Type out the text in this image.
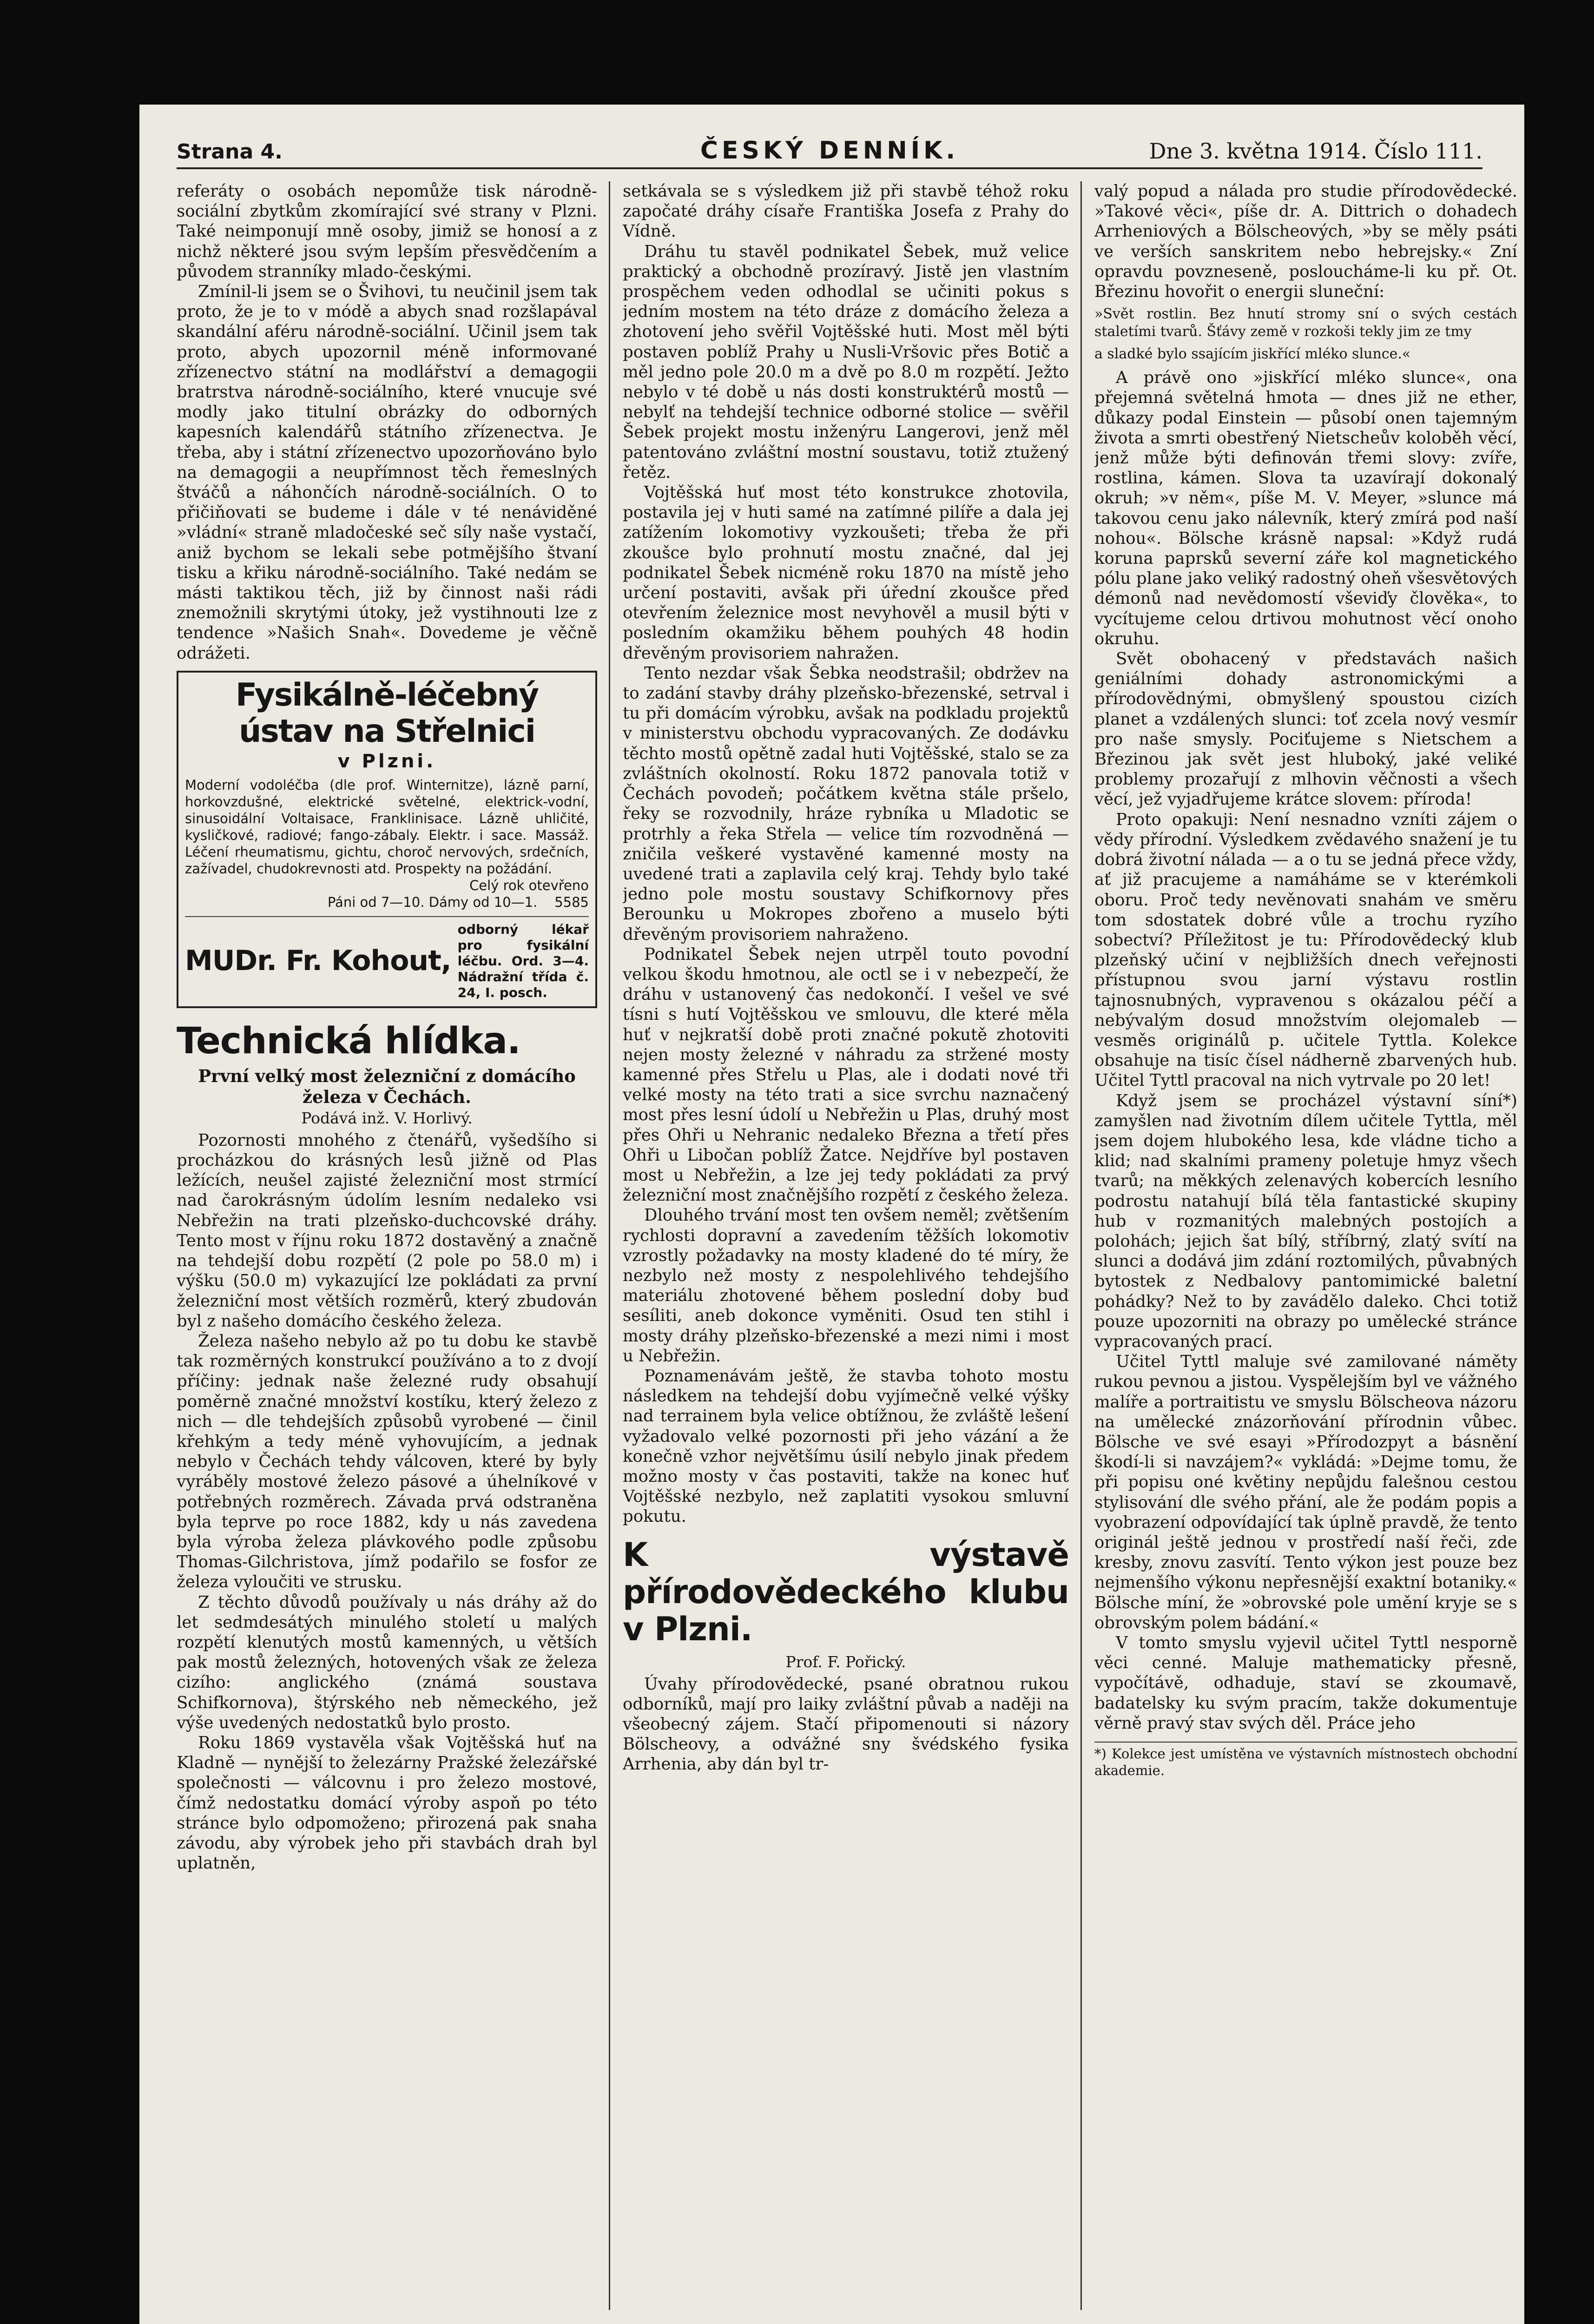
Strana 4.	ČESKÝ DENNÍK.	Dne 3. května 1914. Číslo 111.

referáty o osobách nepomůže tisk národně-sociální zbytkům zkomírající své strany v Plzni. Také neimponují mně osoby, jimiž se honosí a z nichž některé jsou svým lepším přesvědčením a původem stranníky mlado-českými.

Zmínil-li jsem se o Švihovi, tu neučinil jsem tak proto, že je to v módě a abych snad rozšlapával skandální aféru národně-sociální. Učinil jsem tak proto, abych upozornil méně informované zřízenectvo státní na modlářství a demagogii bratrstva národně-sociálního, které vnucuje své modly jako titulní obrázky do odborných kapesních kalendářů státního zřízenectva. Je třeba, aby i státní zřízenectvo upozorňováno bylo na demagogii a neupřímnost těch řemeslných štváčů a náhončích národně-sociálních. O to přičiňovati se budeme i dále v té nenáviděné »vládní« straně mladočeské seč síly naše vystačí, aniž bychom se lekali sebe potmějšího štvaní tisku a křiku národně-sociálního. Také nedám se másti taktikou těch, již by činnost naši rádi znemožnili skrytými útoky, jež vystihnouti lze z tendence »Našich Snah«. Dovedeme je věčně odrážeti.

Fysikálně-léčebný ústav na Střelnici
v Plzni.
Moderní vodoléčba (dle prof. Winternitze), lázně parní, horkovzdušné, elektrické světelné, elektrick-vodní, sinusoidální Voltaisace, Franklinisace. Lázně uhličité, kysličkové, radiové; fango-zábaly. Elektr. i sace. Massáž. Léčení rheumatismu, gichtu, choroč nervových, srdečních, zažívadel, chudokrevnosti atd. Prospekty na požádání.
Celý rok otevřeno
Páni od 7—10. Dámy od 10—1. 5585
MUDr. Fr. Kohout,
odborný lékař pro fysikální léčbu. Ord. 3—4. Nádražní třída č. 24, I. posch.
Technická hlídka.
První velký most železniční z domácího železa v Čechách.
Podává inž. V. Horlivý.

Pozornosti mnohého z čtenářů, vyšedšího si procházkou do krásných lesů jižně od Plas ležících, neušel zajisté železniční most strmící nad čarokrásným údolím lesním nedaleko vsi Nebřežin na trati plzeňsko-duchcovské dráhy. Tento most v říjnu roku 1872 dostavěný a značně na tehdejší dobu rozpětí (2 pole po 58.0 m) i výšku (50.0 m) vykazující lze pokládati za první železniční most větších rozměrů, který zbudován byl z našeho domácího českého železa.

Železa našeho nebylo až po tu dobu ke stavbě tak rozměrných konstrukcí používáno a to z dvojí příčiny: jednak naše železné rudy obsahují poměrně značné množství kostíku, který železo z nich — dle tehdejších způsobů vyrobené — činil křehkým a tedy méně vyhovujícím, a jednak nebylo v Čechách tehdy válcoven, které by byly vyráběly mostové železo pásové a úhelníkové v potřebných rozměrech. Závada prvá odstraněna byla teprve po roce 1882, kdy u nás zavedena byla výroba železa plávkového podle způsobu Thomas-Gilchristova, jímž podařilo se fosfor ze železa vyloučiti ve strusku.

Z těchto důvodů používaly u nás dráhy až do let sedmdesátých minulého století u malých rozpětí klenutých mostů kamenných, u větších pak mostů železných, hotovených však ze železa cizího: anglického (známá soustava Schifkornova), štýrského neb německého, jež výše uvedených nedostatků bylo prosto.

Roku 1869 vystavěla však Vojtěšská huť na Kladně — nynější to železárny Pražské železářské společnosti — válcovnu i pro železo mostové, čímž nedostatku domácí výroby aspoň po této stránce bylo odpomoženo; přirozená pak snaha závodu, aby výrobek jeho při stavbách drah byl uplatněn,

setkávala se s výsledkem již při stavbě téhož roku započaté dráhy císaře Františka Josefa z Prahy do Vídně.

Dráhu tu stavěl podnikatel Šebek, muž velice praktický a obchodně prozíravý. Jistě jen vlastním prospěchem veden odhodlal se učiniti pokus s jedním mostem na této dráze z domácího železa a zhotovení jeho svěřil Vojtěšské huti. Most měl býti postaven poblíž Prahy u Nusli-Vršovic přes Botič a měl jedno pole 20.0 m a dvě po 8.0 m rozpětí. Ježto nebylo v té době u nás dosti konstruktérů mostů — nebylť na tehdejší technice odborné stolice — svěřil Šebek projekt mostu inženýru Langerovi, jenž měl patentováno zvláštní mostní soustavu, totiž ztužený řetěz.

Vojtěšská huť most této konstrukce zhotovila, postavila jej v huti samé na zatímné pilíře a dala jej zatížením lokomotivy vyzkoušeti; třeba že při zkoušce bylo prohnutí mostu značné, dal jej podnikatel Šebek nicméně roku 1870 na místě jeho určení postaviti, avšak při úřední zkoušce před otevřením železnice most nevyhověl a musil býti v posledním okamžiku během pouhých 48 hodin dřevěným provisoriem nahražen.

Tento nezdar však Šebka neodstrašil; obdržev na to zadání stavby dráhy plzeňsko-březenské, setrval i tu při domácím výrobku, avšak na podkladu projektů v ministerstvu obchodu vypracovaných. Ze dodávku těchto mostů opětně zadal huti Vojtěšské, stalo se za zvláštních okolností. Roku 1872 panovala totiž v Čechách povodeň; počátkem května stále pršelo, řeky se rozvodnily, hráze rybníka u Mladotic se protrhly a řeka Střela — velice tím rozvodněná — zničila veškeré vystavěné kamenné mosty na uvedené trati a zaplavila celý kraj. Tehdy bylo také jedno pole mostu soustavy Schifkornovy přes Berounku u Mokropes zbořeno a muselo býti dřevěným provisoriem nahraženo.

Podnikatel Šebek nejen utrpěl touto povodní velkou škodu hmotnou, ale octl se i v nebezpečí, že dráhu v ustanovený čas nedokončí. I vešel ve své tísni s hutí Vojtěšskou ve smlouvu, dle které měla huť v nejkratší době proti značné pokutě zhotoviti nejen mosty železné v náhradu za stržené mosty kamenné přes Střelu u Plas, ale i dodati nové tři velké mosty na této trati a sice svrchu naznačený most přes lesní údolí u Nebřežin u Plas, druhý most přes Ohři u Nehranic nedaleko Března a třetí přes Ohři u Libočan poblíž Žatce. Nejdříve byl postaven most u Nebřežin, a lze jej tedy pokládati za prvý železniční most značnějšího rozpětí z českého železa.

Dlouhého trvání most ten ovšem neměl; zvětšením rychlosti dopravní a zavedením těžších lokomotiv vzrostly požadavky na mosty kladené do té míry, že nezbylo než mosty z nespolehlivého tehdejšího materiálu zhotovené během poslední doby buď sesíliti, aneb dokonce vyměniti. Osud ten stihl i mosty dráhy plzeňsko-březenské a mezi nimi i most u Nebřežin.

Poznamenávám ještě, že stavba tohoto mostu následkem na tehdejší dobu vyjímečně velké výšky nad terrainem byla velice obtížnou, že zvláště lešení vyžadovalo velké pozornosti při jeho vázání a že konečně vzhor největšímu úsilí nebylo jinak předem možno mosty v čas postaviti, takže na konec huť Vojtěšské nezbylo, než zaplatiti vysokou smluvní pokutu.

K výstavě přírodovědeckého klubu v Plzni.
Prof. F. Pořický.

Úvahy přírodovědecké, psané obratnou rukou odborníků, mají pro laiky zvláštní půvab a naději na všeobecný zájem. Stačí připomenouti si názory Bölscheovy, a odvážné sny švédského fysika Arrhenia, aby dán byl tr-

valý popud a nálada pro studie přírodovědecké. »Takové věci«, píše dr. A. Dittrich o dohadech Arrheniových a Bölscheových, »by se měly psáti ve verších sanskritem nebo hebrejsky.« Zní opravdu povzneseně, posloucháme-li ku př. Ot. Březinu hovořit o energii sluneční:

»Svět rostlin. Bez hnutí stromy sní o svých cestách staletími tvarů. Šťávy země v rozkoši tekly jim ze tmy

a sladké bylo ssajícím jiskřící mléko slunce.«

A právě ono »jiskřící mléko slunce«, ona přejemná světelná hmota — dnes již ne ether, důkazy podal Einstein — působí onen tajemným života a smrti obestřený Nietscheův koloběh věcí, jenž může býti definován třemi slovy: zvíře, rostlina, kámen. Slova ta uzavírají dokonalý okruh; »v něm«, píše M. V. Meyer, »slunce má takovou cenu jako nálevník, který zmírá pod naší nohou«. Bölsche krásně napsal: »Když rudá koruna paprsků severní záře kol magnetického pólu plane jako veliký radostný oheň všesvětových démonů nad nevědomostí vševiďy člověka«, to vycítujeme celou drtivou mohutnost věcí onoho okruhu.

Svět obohacený v představách našich geniálními dohady astronomickými a přírodovědnými, obmyšlený spoustou cizích planet a vzdálených slunci: toť zcela nový vesmír pro naše smysly. Pociťujeme s Nietschem a Březinou jak svět jest hluboký, jaké veliké problemy prozařují z mlhovin věčnosti a všech věcí, jež vyjadřujeme krátce slovem: příroda!

Proto opakuji: Není nesnadno vzníti zájem o vědy přírodní. Výsledkem zvědavého snažení je tu dobrá životní nálada — a o tu se jedná přece vždy, ať již pracujeme a namáháme se v kterémkoli oboru. Proč tedy nevěnovati snahám ve směru tom sdostatek dobré vůle a trochu ryzího sobectví? Příležitost je tu: Přírodovědecký klub plzeňský učiní v nejbližších dnech veřejnosti přístupnou svou jarní výstavu rostlin tajnosnubných, vypravenou s okázalou péčí a nebývalým dosud množstvím olejomaleb — vesměs originálů p. učitele Tyttla. Kolekce obsahuje na tisíc čísel nádherně zbarvených hub. Učitel Tyttl pracoval na nich vytrvale po 20 let!

Když jsem se procházel výstavní síní*) zamyšlen nad životním dílem učitele Tyttla, měl jsem dojem hlubokého lesa, kde vládne ticho a klid; nad skalními prameny poletuje hmyz všech tvarů; na měkkých zelenavých kobercích lesního podrostu natahují bílá těla fantastické skupiny hub v rozmanitých malebných postojích a polohách; jejich šat bílý, stříbrný, zlatý svítí na slunci a dodává jim zdání roztomilých, půvabných bytostek z Nedbalovy pantomimické baletní pohádky? Než to by zavádělo daleko. Chci totiž pouze upozorniti na obrazy po umělecké stránce vypracovaných prací.

Učitel Tyttl maluje své zamilované náměty rukou pevnou a jistou. Vyspělejším byl ve vážného malíře a portraitistu ve smyslu Bölscheova názoru na umělecké znázorňování přírodnin vůbec. Bölsche ve své esayi »Přírodozpyt a básnění škodí-li si navzájem?« vykládá: »Dejme tomu, že při popisu oné květiny nepůjdu falešnou cestou stylisování dle svého přání, ale že podám popis a vyobrazení odpovídající tak úplně pravdě, že tento originál ještě jednou v prostředí naší řeči, zde kresby, znovu zasvítí. Tento výkon jest pouze bez nejmenšího výkonu nepřesnější exaktní botaniky.« Bölsche míní, že »obrovské pole umění kryje se s obrovským polem bádání.«

V tomto smyslu vyjevil učitel Tyttl nesporně věci cenné. Maluje mathematicky přesně, vypočítávě, odhaduje, staví se zkoumavě, badatelsky ku svým pracím, takže dokumentuje věrně pravý stav svých děl. Práce jeho

*) Kolekce jest umístěna ve výstavních místnostech obchodní akademie.
